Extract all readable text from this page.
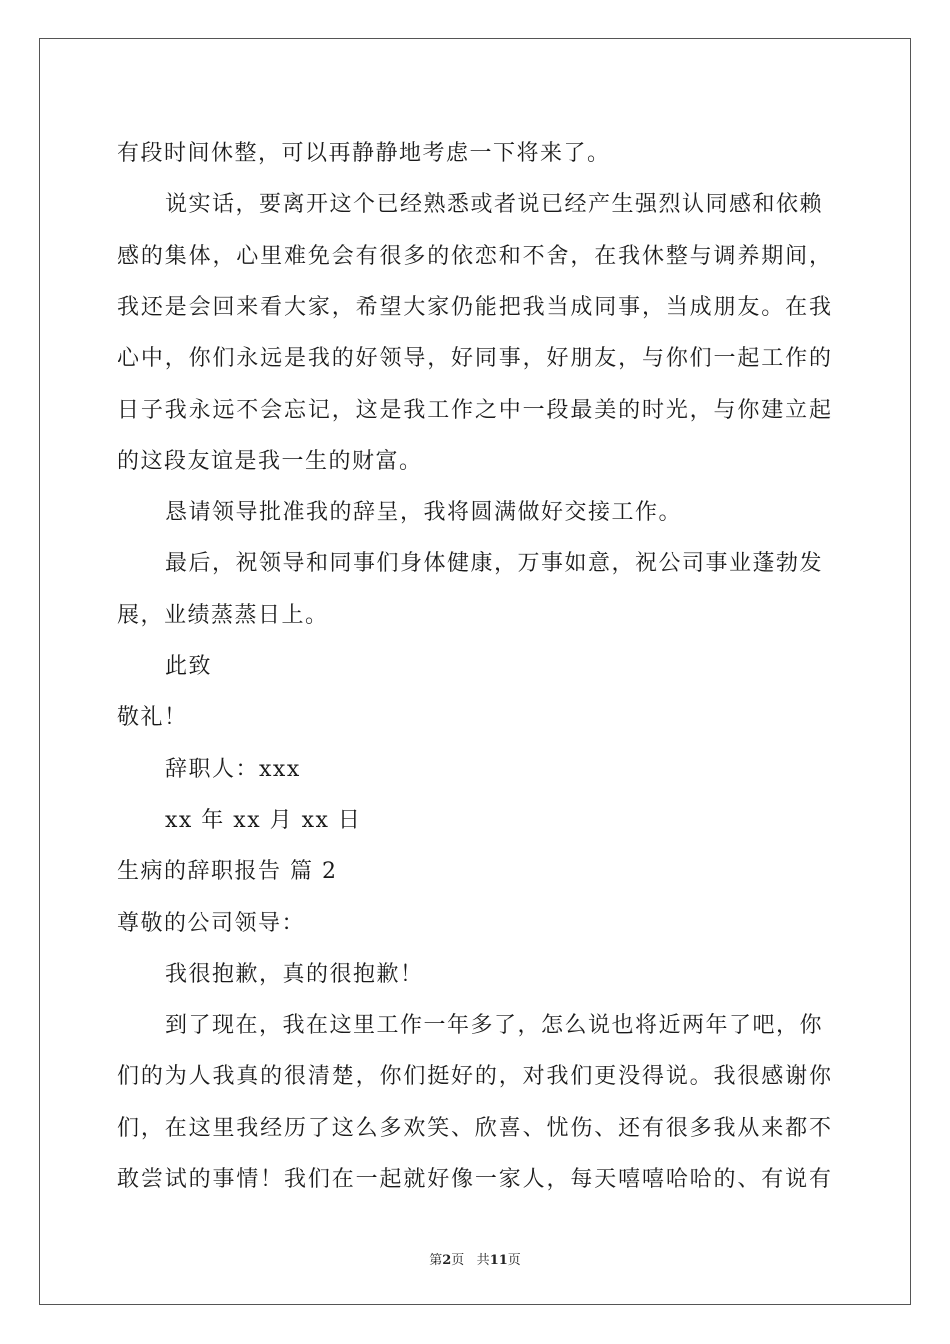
有段时间休整，可以再静静地考虑一下将来了。
说实话，要离开这个已经熟悉或者说已经产生强烈认同感和依赖
感的集体，心里难免会有很多的依恋和不舍，在我休整与调养期间，
我还是会回来看大家，希望大家仍能把我当成同事，当成朋友。在我
心中，你们永远是我的好领导，好同事，好朋友，与你们一起工作的
日子我永远不会忘记，这是我工作之中一段最美的时光，与你建立起
的这段友谊是我一生的财富。
恳请领导批准我的辞呈，我将圆满做好交接工作。
最后，祝领导和同事们身体健康，万事如意，祝公司事业蓬勃发
展，业绩蒸蒸日上。
此致
敬礼！
辞职人：xxx
xx 年 xx 月 xx 日
生病的辞职报告 篇 2
尊敬的公司领导：
我很抱歉，真的很抱歉！
到了现在，我在这里工作一年多了，怎么说也将近两年了吧，你
们的为人我真的很清楚，你们挺好的，对我们更没得说。我很感谢你
们，在这里我经历了这么多欢笑、欣喜、忧伤、还有很多我从来都不
敢尝试的事情！我们在一起就好像一家人，每天嘻嘻哈哈的、有说有
第2页 共11页
